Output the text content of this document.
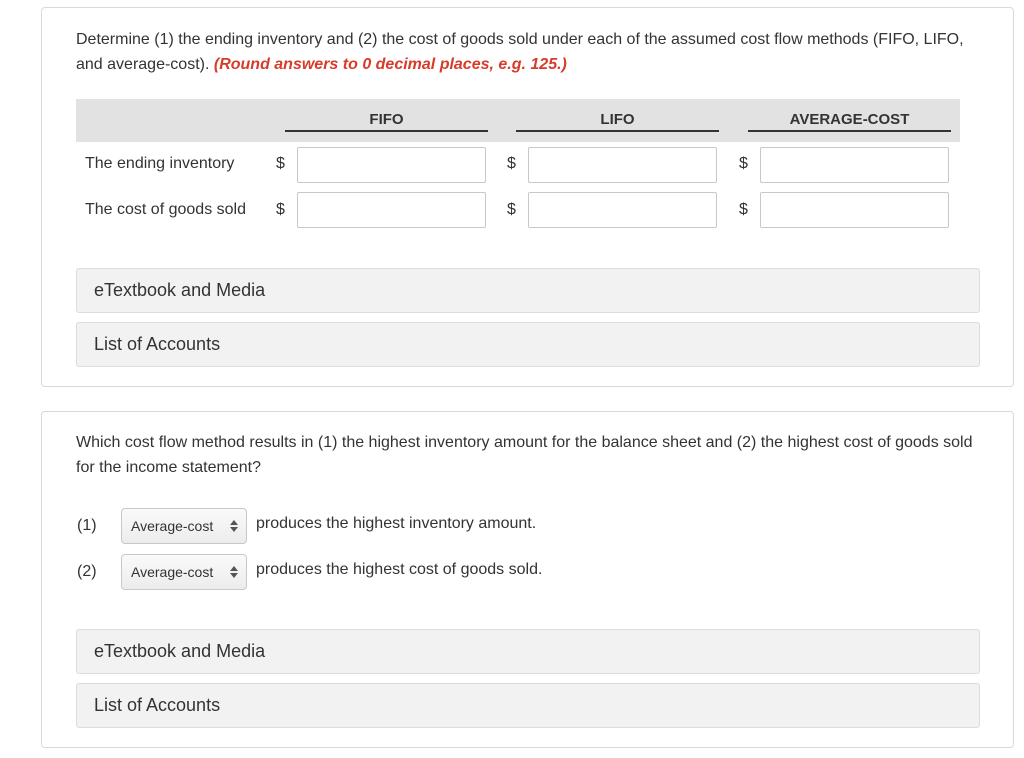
Determine (1) the ending inventory and (2) the cost of goods sold under each of the assumed cost flow methods (FIFO, LIFO, and average-cost). (Round answers to 0 decimal places, e.g. 125.)
FIFO	LIFO	AVERAGE-COST
The ending inventory	$	$	$
The cost of goods sold $	$	$
eTextbook and Media
List of Accounts
Which cost flow method results in (1) the highest inventory amount for the balance sheet and (2) the highest cost of goods sold for the income statement?
(1)	Average-cost	produces the highest inventory amount.
(2)	Average-cost	produces the highest cost of goods sold.
eTextbook and Media
List of Accounts
